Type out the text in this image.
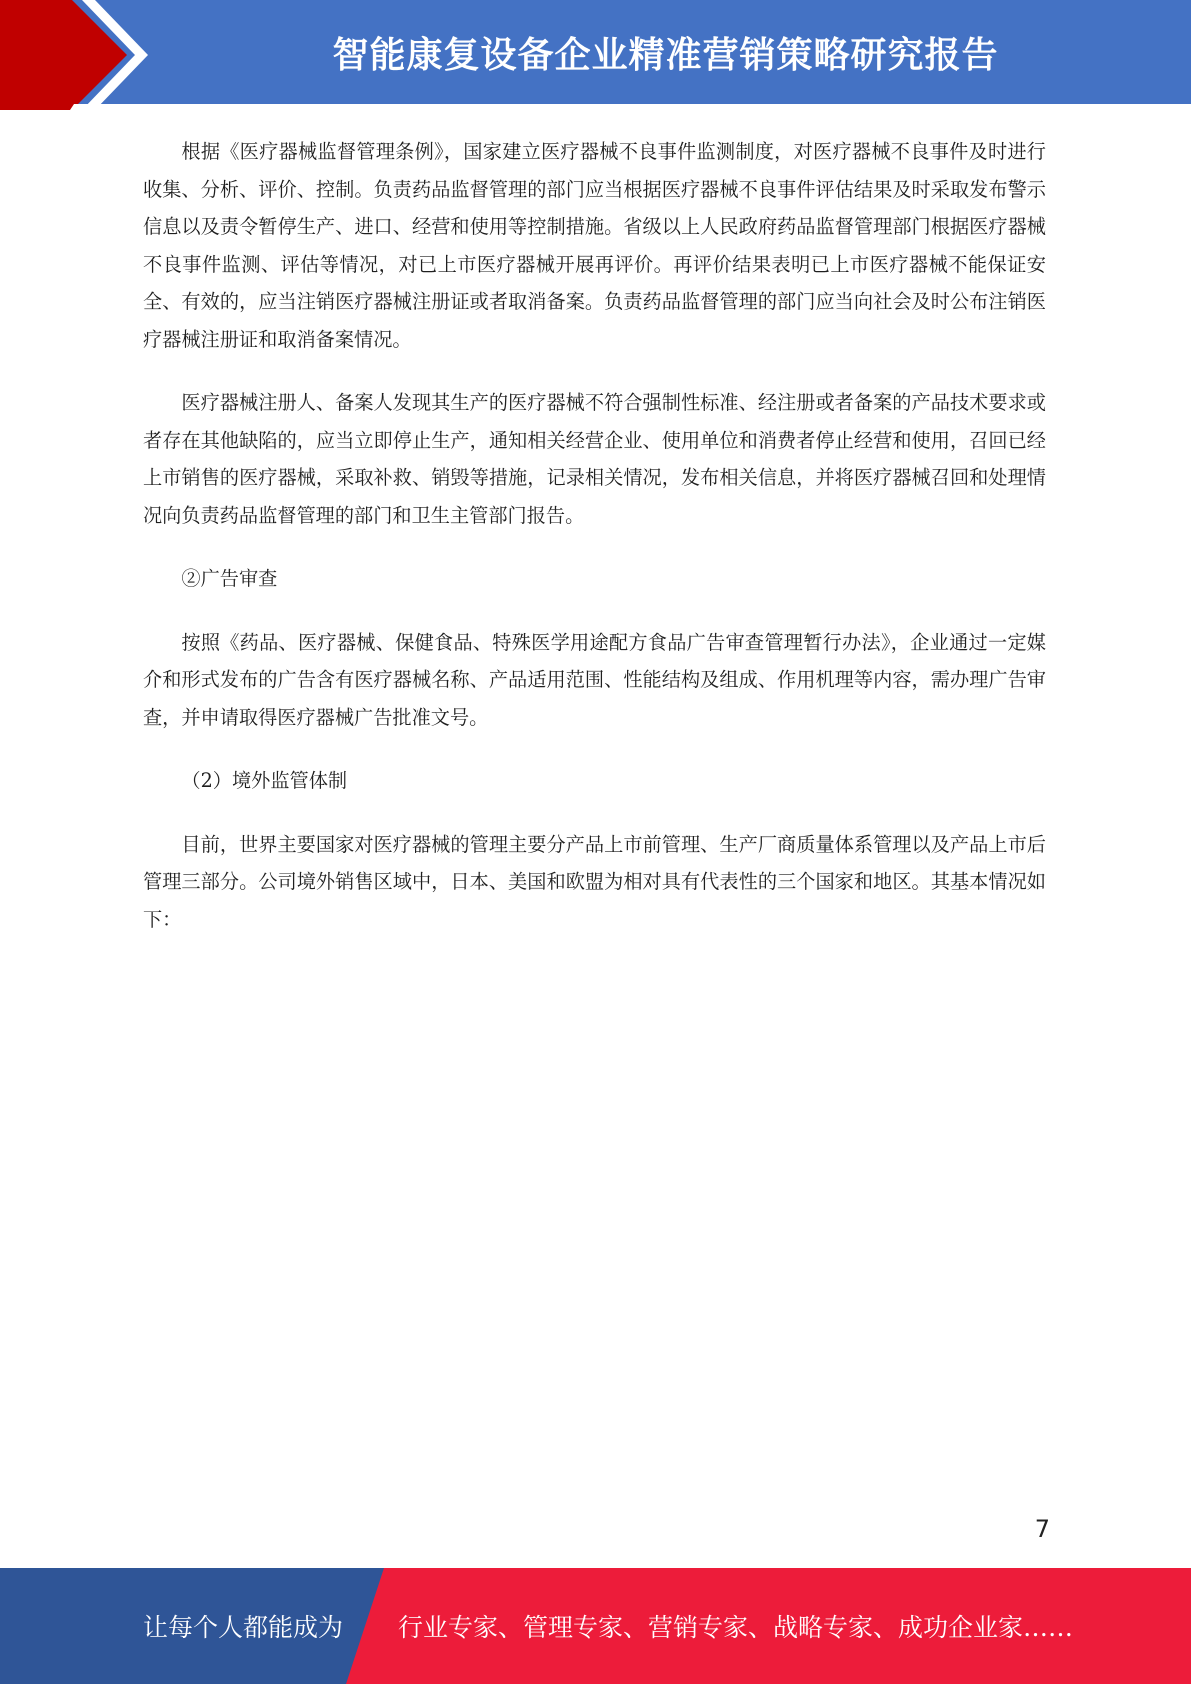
智能康复设备企业精准营销策略研究报告

根据《医疗器械监督管理条例》，国家建立医疗器械不良事件监测制度，对医疗器械不良事件及时进行收集、分析、评价、控制。负责药品监督管理的部门应当根据医疗器械不良事件评估结果及时采取发布警示信息以及责令暂停生产、进口、经营和使用等控制措施。省级以上人民政府药品监督管理部门根据医疗器械不良事件监测、评估等情况，对已上市医疗器械开展再评价。再评价结果表明已上市医疗器械不能保证安全、有效的，应当注销医疗器械注册证或者取消备案。负责药品监督管理的部门应当向社会及时公布注销医疗器械注册证和取消备案情况。

医疗器械注册人、备案人发现其生产的医疗器械不符合强制性标准、经注册或者备案的产品技术要求或者存在其他缺陷的，应当立即停止生产，通知相关经营企业、使用单位和消费者停止经营和使用，召回已经上市销售的医疗器械，采取补救、销毁等措施，记录相关情况，发布相关信息，并将医疗器械召回和处理情况向负责药品监督管理的部门和卫生主管部门报告。

②广告审查

按照《药品、医疗器械、保健食品、特殊医学用途配方食品广告审查管理暂行办法》，企业通过一定媒介和形式发布的广告含有医疗器械名称、产品适用范围、性能结构及组成、作用机理等内容，需办理广告审查，并申请取得医疗器械广告批准文号。

（2）境外监管体制

目前，世界主要国家对医疗器械的管理主要分产品上市前管理、生产厂商质量体系管理以及产品上市后管理三部分。公司境外销售区域中，日本、美国和欧盟为相对具有代表性的三个国家和地区。其基本情况如下：

7
让每个人都能成为 行业专家、管理专家、营销专家、战略专家、成功企业家……
